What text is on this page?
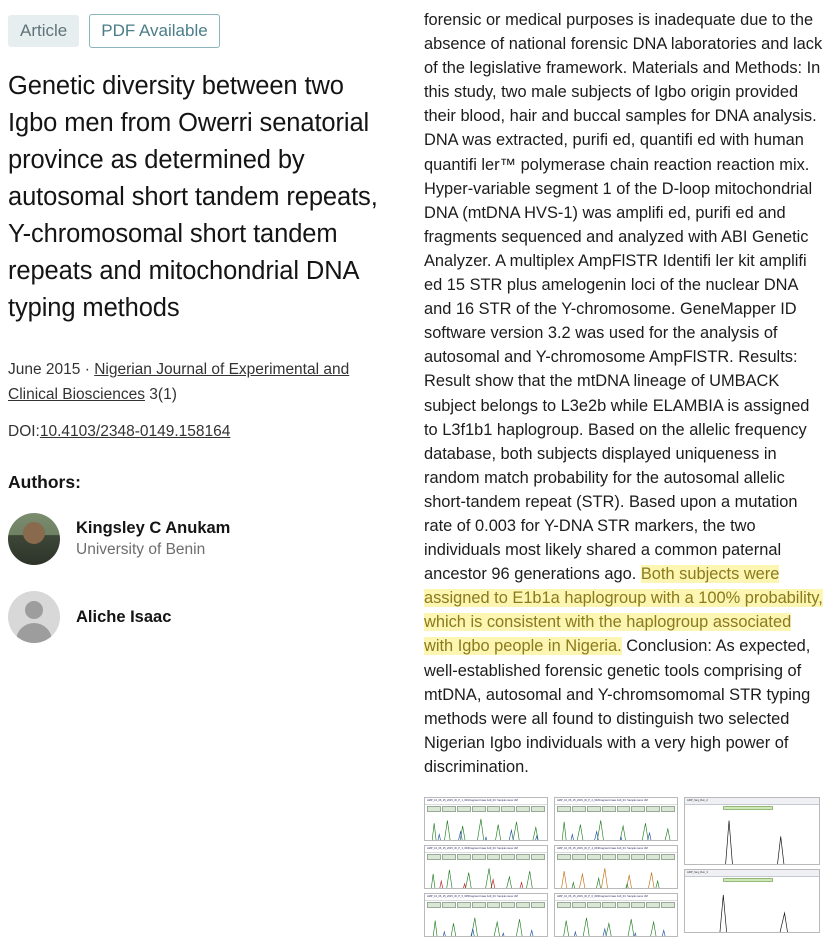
Article	PDF Available
Genetic diversity between two Igbo men from Owerri senatorial province as determined by autosomal short tandem repeats, Y-chromosomal short tandem repeats and mitochondrial DNA typing methods
June 2015 · Nigerian Journal of Experimental and Clinical Biosciences 3(1)
DOI:10.4103/2348-0149.158164
Authors:
Kingsley C Anukam
University of Benin
Aliche Isaac

forensic or medical purposes is inadequate due to the absence of national forensic DNA laboratories and lack of the legislative framework. Materials and Methods: In this study, two male subjects of Igbo origin provided their blood, hair and buccal samples for DNA analysis. DNA was extracted, purifi ed, quantifi ed with human quantifi ler™ polymerase chain reaction reaction mix. Hyper-variable segment 1 of the D-loop mitochondrial DNA (mtDNA HVS-1) was amplifi ed, purifi ed and fragments sequenced and analyzed with ABI Genetic Analyzer. A multiplex AmpFlSTR Identifi ler kit amplifi ed 15 STR plus amelogenin loci of the nuclear DNA and 16 STR of the Y-chromosome. GeneMapper ID software version 3.2 was used for the analysis of autosomal and Y-chromosome AmpFlSTR. Results: Result show that the mtDNA lineage of UMBACK subject belongs to L3e2b while ELAMBIA is assigned to L3f1b1 haplogroup. Based on the allelic frequency database, both subjects displayed uniqueness in random match probability for the autosomal allelic short-tandem repeat (STR). Based upon a mutation rate of 0.003 for Y-DNA STR markers, the two individuals most likely shared a common paternal ancestor 96 generations ago. Both subjects were assigned to E1b1a haplogroup with a 100% probability, which is consistent with the haplogroup associated with Igbo people in Nigeria. Conclusion: As expected, well-established forensic genetic tools comprising of mtDNA, autosomal and Y-chromsomomal STR typing methods were all found to distinguish two selected Nigerian Igbo individuals with a very high power of discrimination.

AMP_16_06_15_2015_ID_P_1_001Fragment base A10_03. Sample name UM
AMP_16_06_15_2015_ID_P_3_003Fragment base A10_03. Sample name UM
AMP_16_06_15_2015_ID_P_5_005Fragment base A10_03. Sample name UM
AMP_16_06_15_2015_ID_P_2_002Fragment base A10_03. Sample name UM
AMP_16_06_15_2015_ID_P_4_004Fragment base A10_03. Sample name UM
AMP_16_06_15_2015_ID_P_6_006Fragment base A10_03. Sample name UM
AMP_Seq_Run_2
AMP_Seq_Run_3
